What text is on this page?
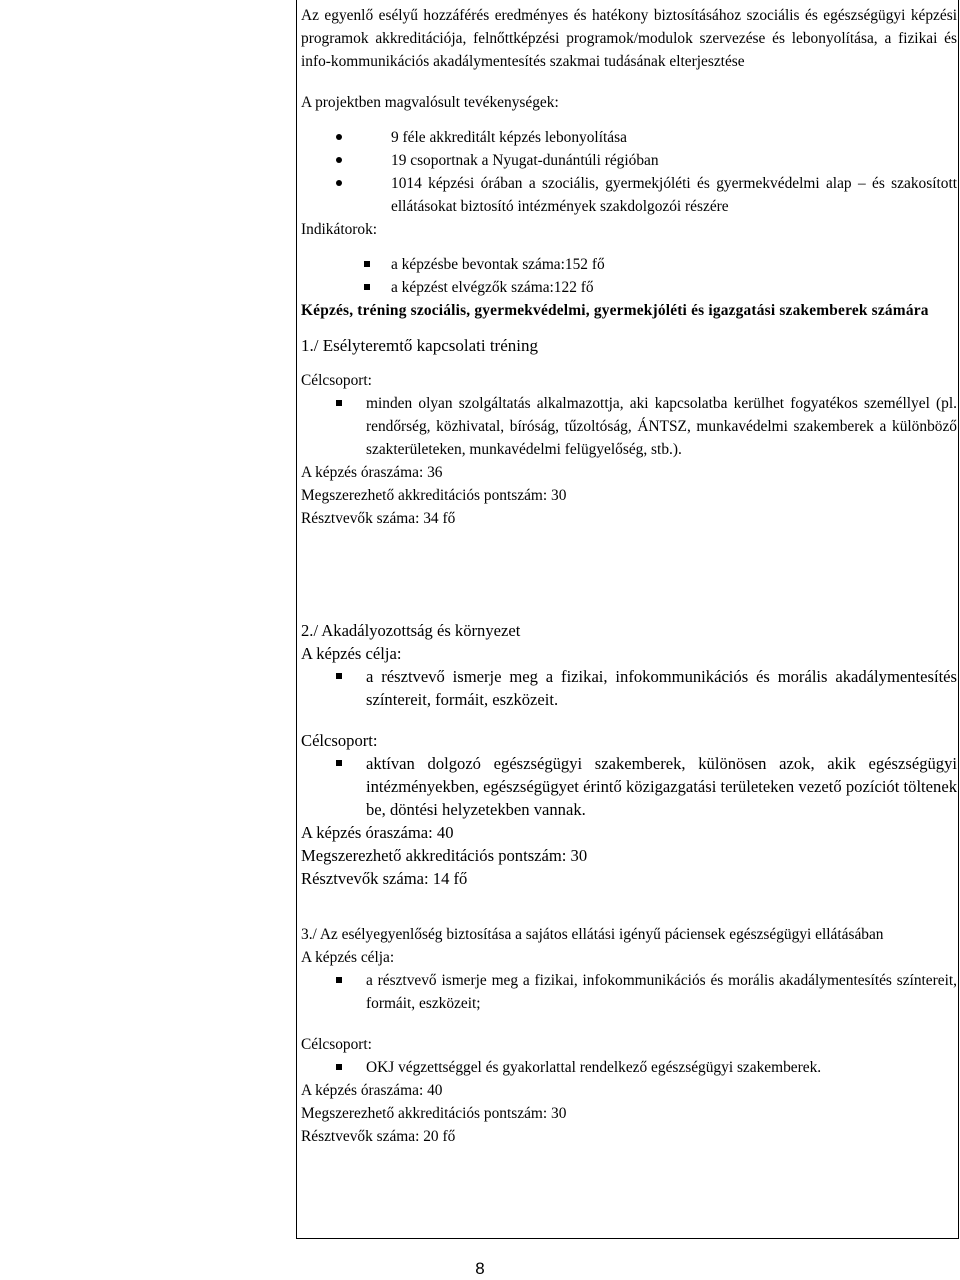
Az egyenlő esélyű hozzáférés eredményes és hatékony biztosításához szociális és egészségügyi képzési programok akkreditációja, felnőttképzési programok/modulok szervezése és lebonyolítása, a fizikai és info-kommunikációs akadálymentesítés szakmai tudásának elterjesztése

A projektben magvalósult tevékenységek:

9 féle akkreditált képzés lebonyolítása
19 csoportnak a Nyugat-dunántúli régióban
1014 képzési órában a szociális, gyermekjóléti és gyermekvédelmi alap – és szakosított ellátásokat biztosító intézmények szakdolgozói részére

Indikátorok:

a képzésbe bevontak száma:152 fő
a képzést elvégzők száma:122 fő

Képzés, tréning szociális, gyermekvédelmi, gyermekjóléti és igazgatási szakemberek számára

1./ Esélyteremtő kapcsolati tréning

Célcsoport:

minden olyan szolgáltatás alkalmazottja, aki kapcsolatba kerülhet fogyatékos személlyel (pl. rendőrség, közhivatal, bíróság, tűzoltóság, ÁNTSZ, munkavédelmi szakemberek a különböző szakterületeken, munkavédelmi felügyelőség, stb.).

A képzés óraszáma: 36

Megszerezhető akkreditációs pontszám: 30

Résztvevők száma: 34 fő

2./ Akadályozottság és környezet

A képzés célja:

a résztvevő ismerje meg a fizikai, infokommunikációs és morális akadálymentesítés színtereit, formáit, eszközeit.

Célcsoport:

aktívan dolgozó egészségügyi szakemberek, különösen azok, akik egészségügyi intézményekben, egészségügyet érintő közigazgatási területeken vezető pozíciót töltenek be, döntési helyzetekben vannak.

A képzés óraszáma: 40

Megszerezhető akkreditációs pontszám: 30

Résztvevők száma: 14 fő

3./ Az esélyegyenlőség biztosítása a sajátos ellátási igényű páciensek egészségügyi ellátásában

A képzés célja:

a résztvevő ismerje meg a fizikai, infokommunikációs és morális akadálymentesítés színtereit, formáit, eszközeit;

Célcsoport:

OKJ végzettséggel és gyakorlattal rendelkező egészségügyi szakemberek.

A képzés óraszáma: 40

Megszerezhető akkreditációs pontszám: 30

Résztvevők száma: 20 fő

8
